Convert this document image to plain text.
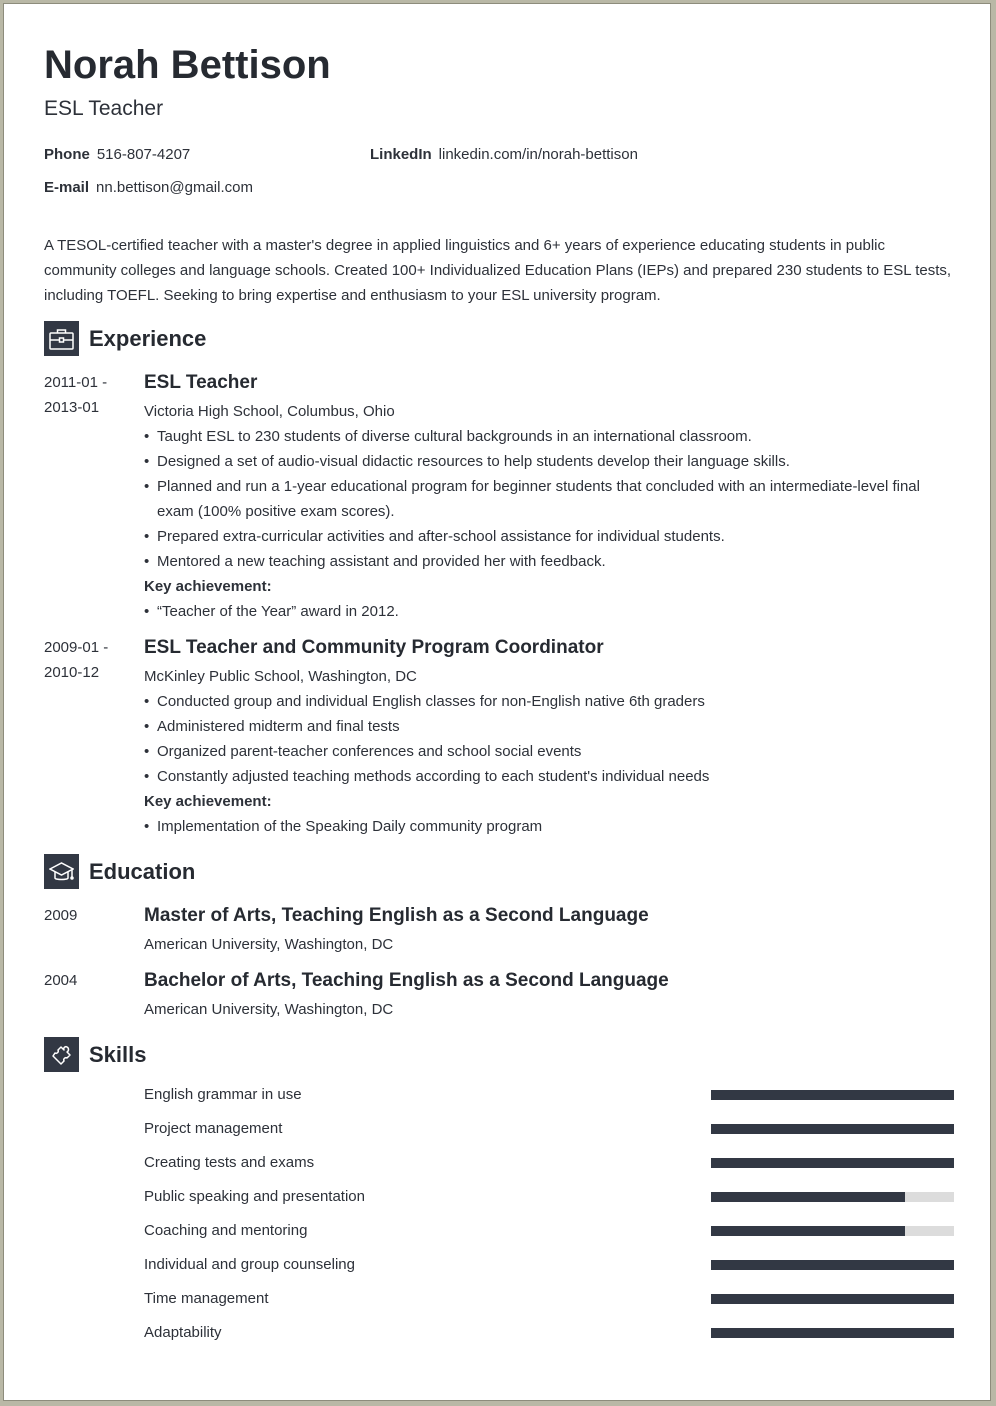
Norah Bettison
ESL Teacher
Phone 516-807-4207	LinkedIn linkedin.com/in/norah-bettison
E-mail nn.bettison@gmail.com

A TESOL-certified teacher with a master's degree in applied linguistics and 6+ years of experience educating students in public community colleges and language schools. Created 100+ Individualized Education Plans (IEPs) and prepared 230 students to ESL tests, including TOEFL. Seeking to bring expertise and enthusiasm to your ESL university program.

Experience
2011-01 -
2013-01
ESL Teacher
Victoria High School, Columbus, Ohio
• Taught ESL to 230 students of diverse cultural backgrounds in an international classroom.
• Designed a set of audio-visual didactic resources to help students develop their language skills.
• Planned and run a 1-year educational program for beginner students that concluded with an intermediate-level final exam (100% positive exam scores).
• Prepared extra-curricular activities and after-school assistance for individual students.
• Mentored a new teaching assistant and provided her with feedback.
Key achievement:
• “Teacher of the Year” award in 2012.
2009-01 -
2010-12
ESL Teacher and Community Program Coordinator
McKinley Public School, Washington, DC
• Conducted group and individual English classes for non-English native 6th graders
• Administered midterm and final tests
• Organized parent-teacher conferences and school social events
• Constantly adjusted teaching methods according to each student's individual needs
Key achievement:
• Implementation of the Speaking Daily community program
Education
2009	Master of Arts, Teaching English as a Second Language
American University, Washington, DC
2004	Bachelor of Arts, Teaching English as a Second Language
American University, Washington, DC
Skills
English grammar in use
Project management
Creating tests and exams
Public speaking and presentation
Coaching and mentoring
Individual and group counseling
Time management
Adaptability
